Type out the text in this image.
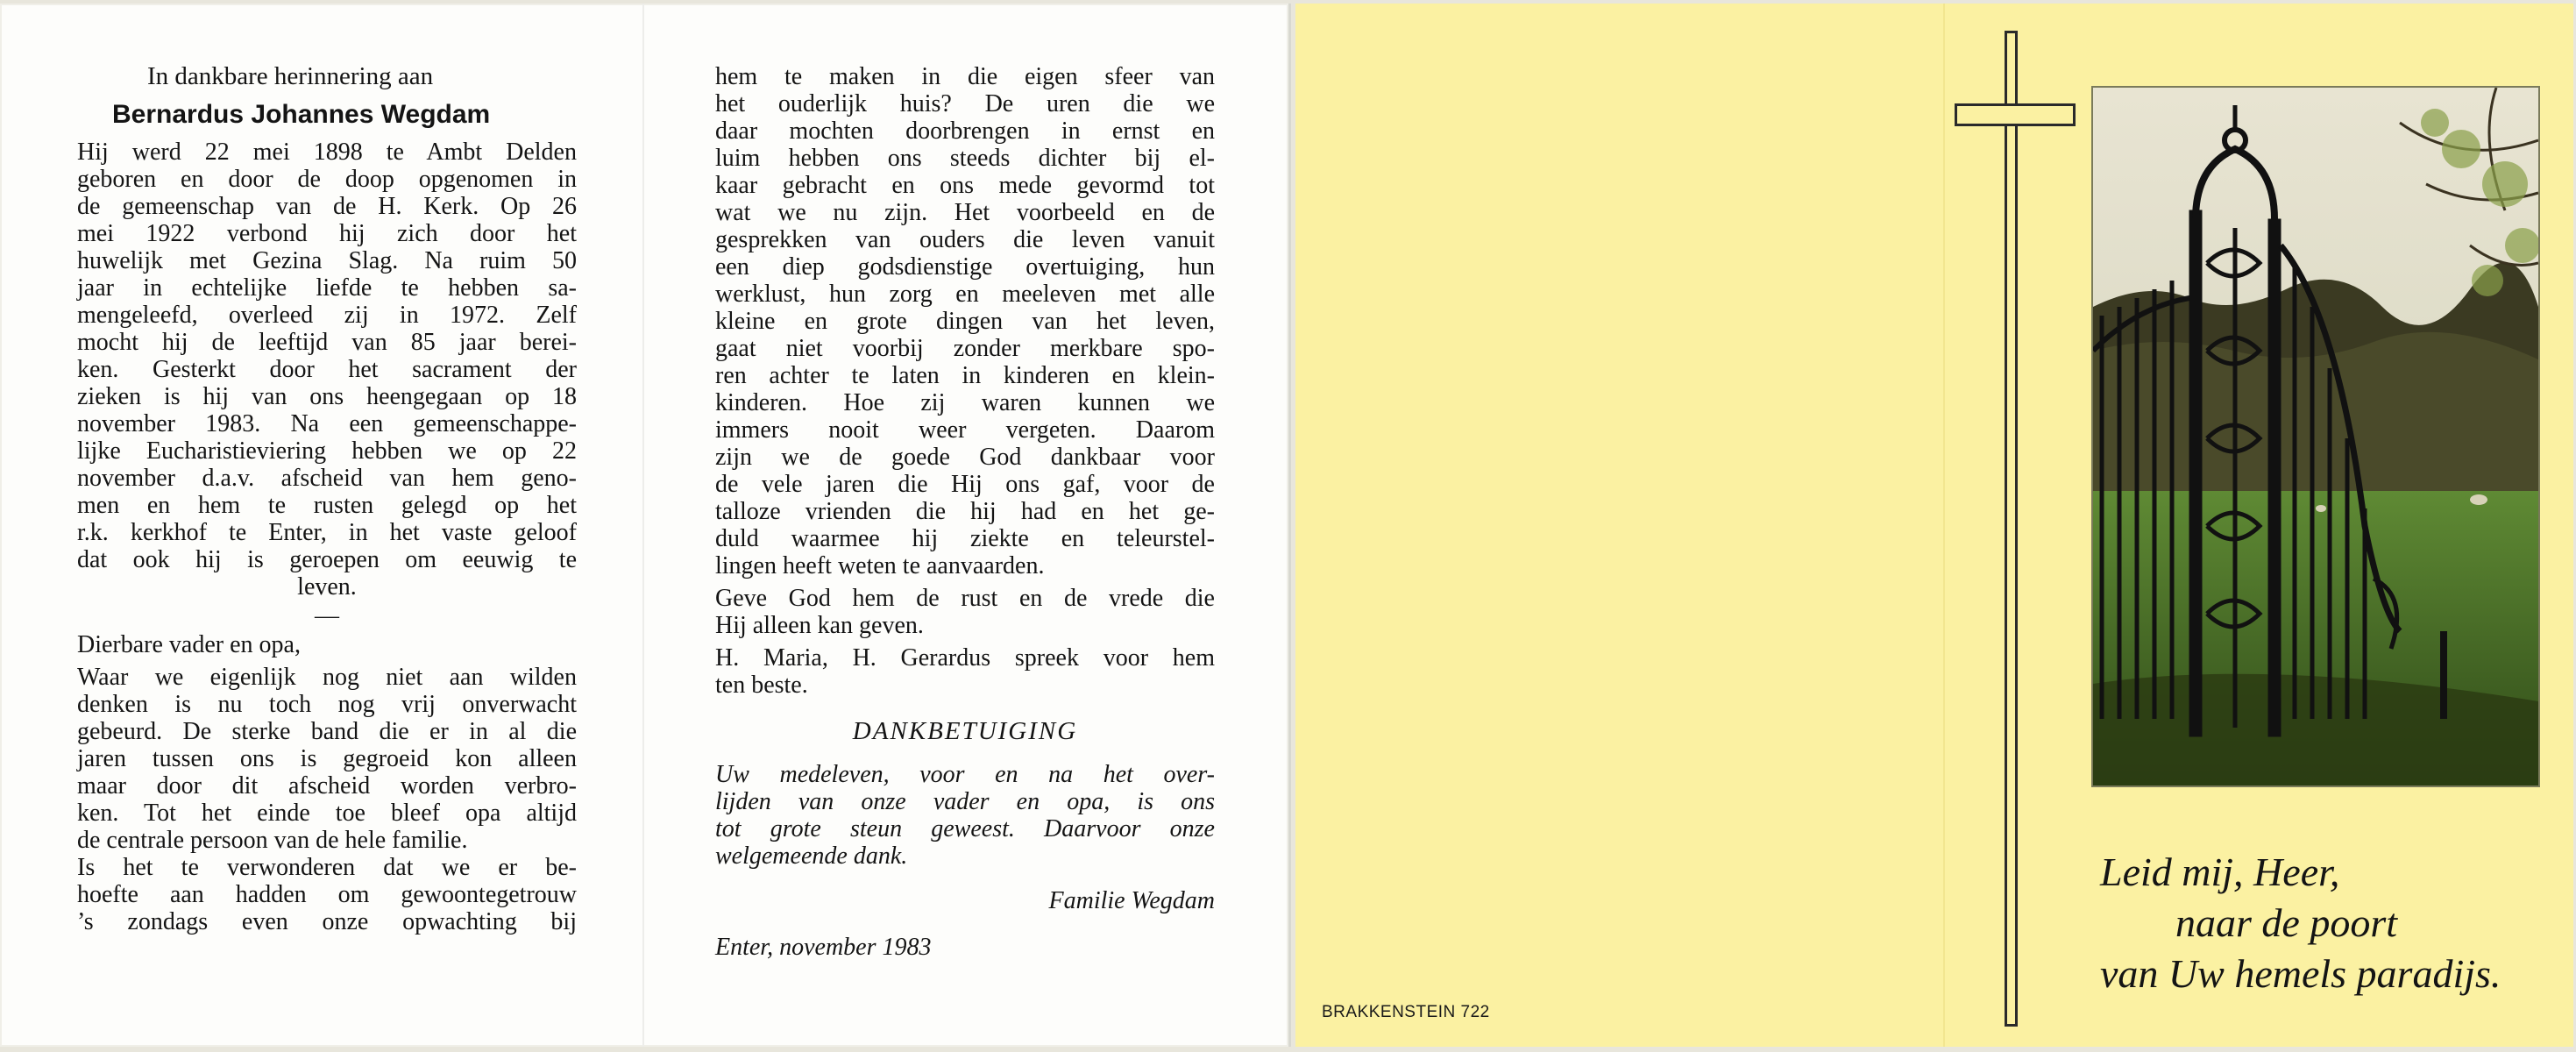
In dankbare herinnering aan

Bernardus Johannes Wegdam

Hij werd 22 mei 1898 te Ambt Delden

geboren en door de doop opgenomen in

de gemeenschap van de H. Kerk. Op 26

mei 1922 verbond hij zich door het

huwelijk met Gezina Slag. Na ruim 50

jaar in echtelijke liefde te hebben sa-

mengeleefd, overleed zij in 1972. Zelf

mocht hij de leeftijd van 85 jaar berei-

ken. Gesterkt door het sacrament der

zieken is hij van ons heengegaan op 18

november 1983. Na een gemeenschappe-

lijke Eucharistieviering hebben we op 22

november d.a.v. afscheid van hem geno-

men en hem te rusten gelegd op het

r.k. kerkhof te Enter, in het vaste geloof

dat ook hij is geroepen om eeuwig te

leven.

—

Dierbare vader en opa,

Waar we eigenlijk nog niet aan wilden

denken is nu toch nog vrij onverwacht

gebeurd. De sterke band die er in al die

jaren tussen ons is gegroeid kon alleen

maar door dit afscheid worden verbro-

ken. Tot het einde toe bleef opa altijd

de centrale persoon van de hele familie.

Is het te verwonderen dat we er be-

hoefte aan hadden om gewoontegetrouw

’s zondags even onze opwachting bij

hem te maken in die eigen sfeer van

het ouderlijk huis? De uren die we

daar mochten doorbrengen in ernst en

luim hebben ons steeds dichter bij el-

kaar gebracht en ons mede gevormd tot

wat we nu zijn. Het voorbeeld en de

gesprekken van ouders die leven vanuit

een diep godsdienstige overtuiging, hun

werklust, hun zorg en meeleven met alle

kleine en grote dingen van het leven,

gaat niet voorbij zonder merkbare spo-

ren achter te laten in kinderen en klein-

kinderen. Hoe zij waren kunnen we

immers nooit weer vergeten. Daarom

zijn we de goede God dankbaar voor

de vele jaren die Hij ons gaf, voor de

talloze vrienden die hij had en het ge-

duld waarmee hij ziekte en teleurstel-

lingen heeft weten te aanvaarden.

Geve God hem de rust en de vrede die

Hij alleen kan geven.

H. Maria, H. Gerardus spreek voor hem

ten beste.

DANKBETUIGING

Uw medeleven, voor en na het over-

lijden van onze vader en opa, is ons

tot grote steun geweest. Daarvoor onze

welgemeende dank.

Familie Wegdam

Enter, november 1983

Leid mij, Heer,
naar de poort
van Uw hemels paradijs.
BRAKKENSTEIN 722
